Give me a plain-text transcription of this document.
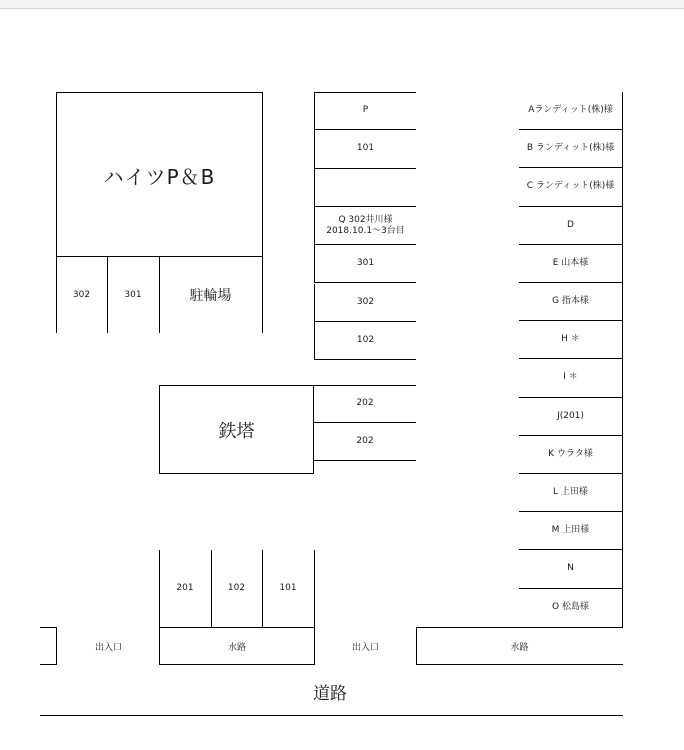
ハイツP＆B
302	301	駐輪場
P
101
Q 302井川様
2018.10.1～3台目
301
302
102
202
202
鉄塔
Aランディット(株)様
B ランディット(株)様
C ランディット(株)様
D
E 山本様
G 指本様
H ＊
I ＊
J(201)
K ウラタ様
L 上田様
M 上田様
N
O 松島様
201	102	101
出入口	水路	出入口	水路
道路
